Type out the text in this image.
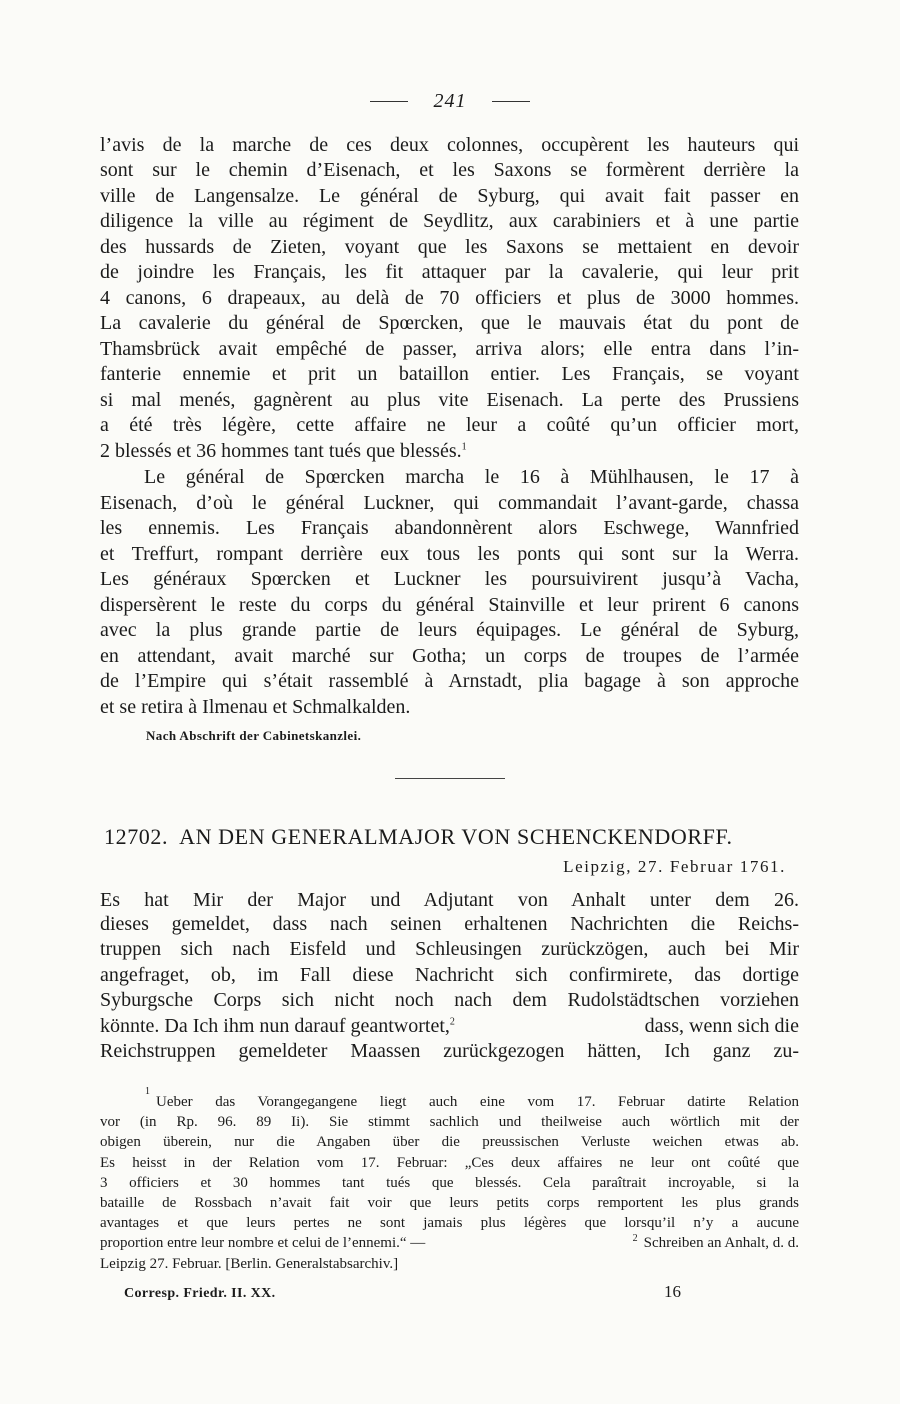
241
l’avis de la marche de ces deux colonnes, occupèrent les hauteurs qui
sont sur le chemin d’Eisenach, et les Saxons se formèrent derrière la
ville de Langensalze. Le général de Syburg, qui avait fait passer en
diligence la ville au régiment de Seydlitz, aux carabiniers et à une partie
des hussards de Zieten, voyant que les Saxons se mettaient en devoir
de joindre les Français, les fit attaquer par la cavalerie, qui leur prit
4 canons, 6 drapeaux, au delà de 70 officiers et plus de 3000 hommes.
La cavalerie du général de Spœrcken, que le mauvais état du pont de
Thamsbrück avait empêché de passer, arriva alors; elle entra dans l’in-
fanterie ennemie et prit un bataillon entier. Les Français, se voyant
si mal menés, gagnèrent au plus vite Eisenach. La perte des Prussiens
a été très légère, cette affaire ne leur a coûté qu’un officier mort,
2 blessés et 36 hommes tant tués que blessés.$^1$
Le général de Spœrcken marcha le 16 à Mühlhausen, le 17 à
Eisenach, d’où le général Luckner, qui commandait l’avant-garde, chassa
les ennemis. Les Français abandonnèrent alors Eschwege, Wannfried
et Treffurt, rompant derrière eux tous les ponts qui sont sur la Werra.
Les généraux Spœrcken et Luckner les poursuivirent jusqu’à Vacha,
dispersèrent le reste du corps du général Stainville et leur prirent 6 canons
avec la plus grande partie de leurs équipages. Le général de Syburg,
en attendant, avait marché sur Gotha; un corps de troupes de l’armée
de l’Empire qui s’était rassemblé à Arnstadt, plia bagage à son approche
et se retira à Ilmenau et Schmalkalden.
Nach Abschrift der Cabinetskanzlei.
12702. AN DEN GENERALMAJOR VON SCHENCKENDORFF.
Leipzig, 27. Februar 1761.
Es hat Mir der Major und Adjutant von Anhalt unter dem 26.
dieses gemeldet, dass nach seinen erhaltenen Nachrichten die Reichs-
truppen sich nach Eisfeld und Schleusingen zurückzögen, auch bei Mir
angefraget, ob, im Fall diese Nachricht sich confirmirete, das dortige
Syburgsche Corps sich nicht noch nach dem Rudolstädtschen vorziehen
könnte. Da Ich ihm nun darauf geantwortet,$^2$	dass, wenn sich die
Reichstruppen gemeldeter Maassen zurückgezogen hätten, Ich ganz zu-
1
Ueber das Vorangegangene liegt auch eine vom 17. Februar datirte Relation
vor (in Rp. 96. 89 Ii). Sie stimmt sachlich und theilweise auch wörtlich mit der
obigen überein, nur die Angaben über die preussischen Verluste weichen etwas ab.
Es heisst in der Relation vom 17. Februar: „Ces deux affaires ne leur ont coûté que
3 officiers et 30 hommes tant tués que blessés. Cela paraîtrait incroyable, si la
bataille de Rossbach n’avait fait voir que leurs petits corps remportent les plus grands
avantages et que leurs pertes ne sont jamais plus légères que lorsqu’il n’y a aucune
proportion entre leur nombre et celui de l’ennemi.“ —	$^2$ Schreiben an Anhalt, d. d.
Leipzig 27. Februar. [Berlin. Generalstabsarchiv.]
Corresp. Friedr. II. XX.	16
